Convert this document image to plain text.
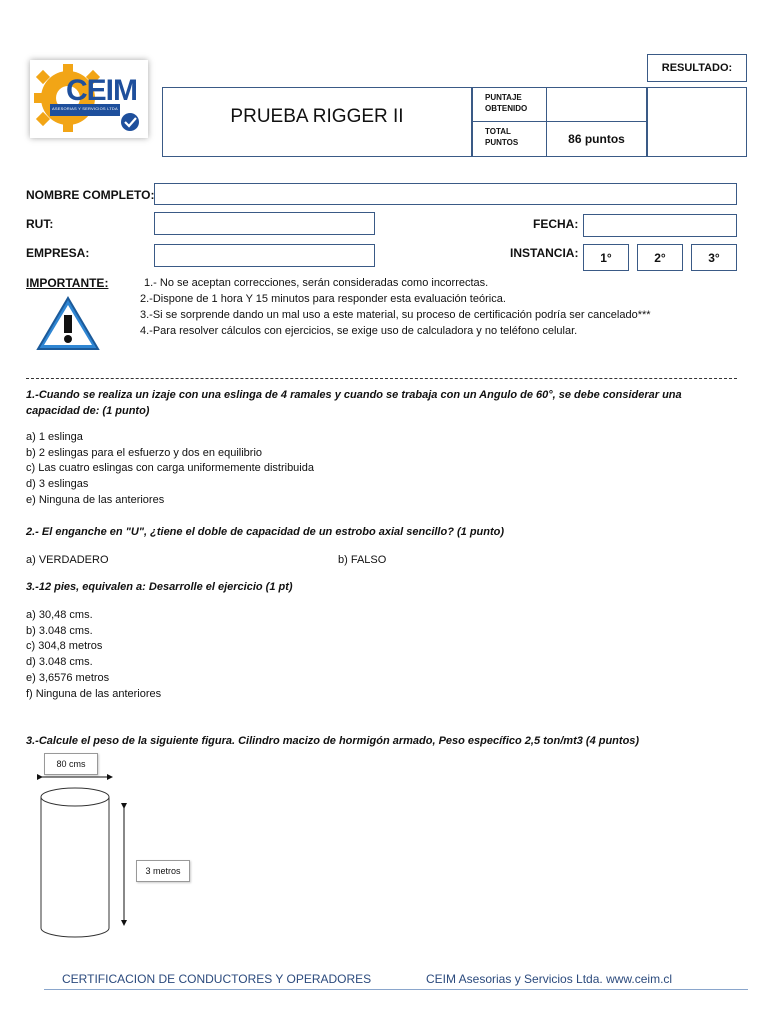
CEIM
ASESORIAS Y SERVICIOS LTDA
RESULTADO:
PRUEBA RIGGER II
PUNTAJE
OBTENIDO
TOTAL
PUNTOS	86 puntos
NOMBRE COMPLETO:
RUT:	FECHA:
EMPRESA:	INSTANCIA: 1°	2°	3°
IMPORTANTE:	1.- No se aceptan correcciones, serán consideradas como incorrectas.
2.-Dispone de 1 hora Y 15 minutos para responder esta evaluación teórica.
3.-Si se sorprende dando un mal uso a este material, su proceso de certificación podría ser cancelado***
4.-Para resolver cálculos con ejercicios, se exige uso de calculadora y no teléfono celular.
1.-Cuando se realiza un izaje con una eslinga de 4 ramales y cuando se trabaja con un Angulo de 60°, se debe considerar una capacidad de: (1 punto)
a) 1 eslinga
b) 2 eslingas para el esfuerzo y dos en equilibrio
c) Las cuatro eslingas con carga uniformemente distribuida
d) 3 eslingas
e) Ninguna de las anteriores
2.- El enganche en "U", ¿tiene el doble de capacidad de un estrobo axial sencillo? (1 punto)
a) VERDADERO	b) FALSO
3.-12 pies, equivalen a: Desarrolle el ejercicio (1 pt)
a) 30,48 cms.
b) 3.048 cms.
c) 304,8 metros
d) 3.048 cms.
e) 3,6576 metros
f) Ninguna de las anteriores
3.-Calcule el peso de la siguiente figura. Cilindro macizo de hormigón armado, Peso específico 2,5 ton/mt3 (4 puntos)
80 cms
3 metros
CERTIFICACION DE CONDUCTORES Y OPERADORES	CEIM Asesorias y Servicios Ltda. www.ceim.cl
